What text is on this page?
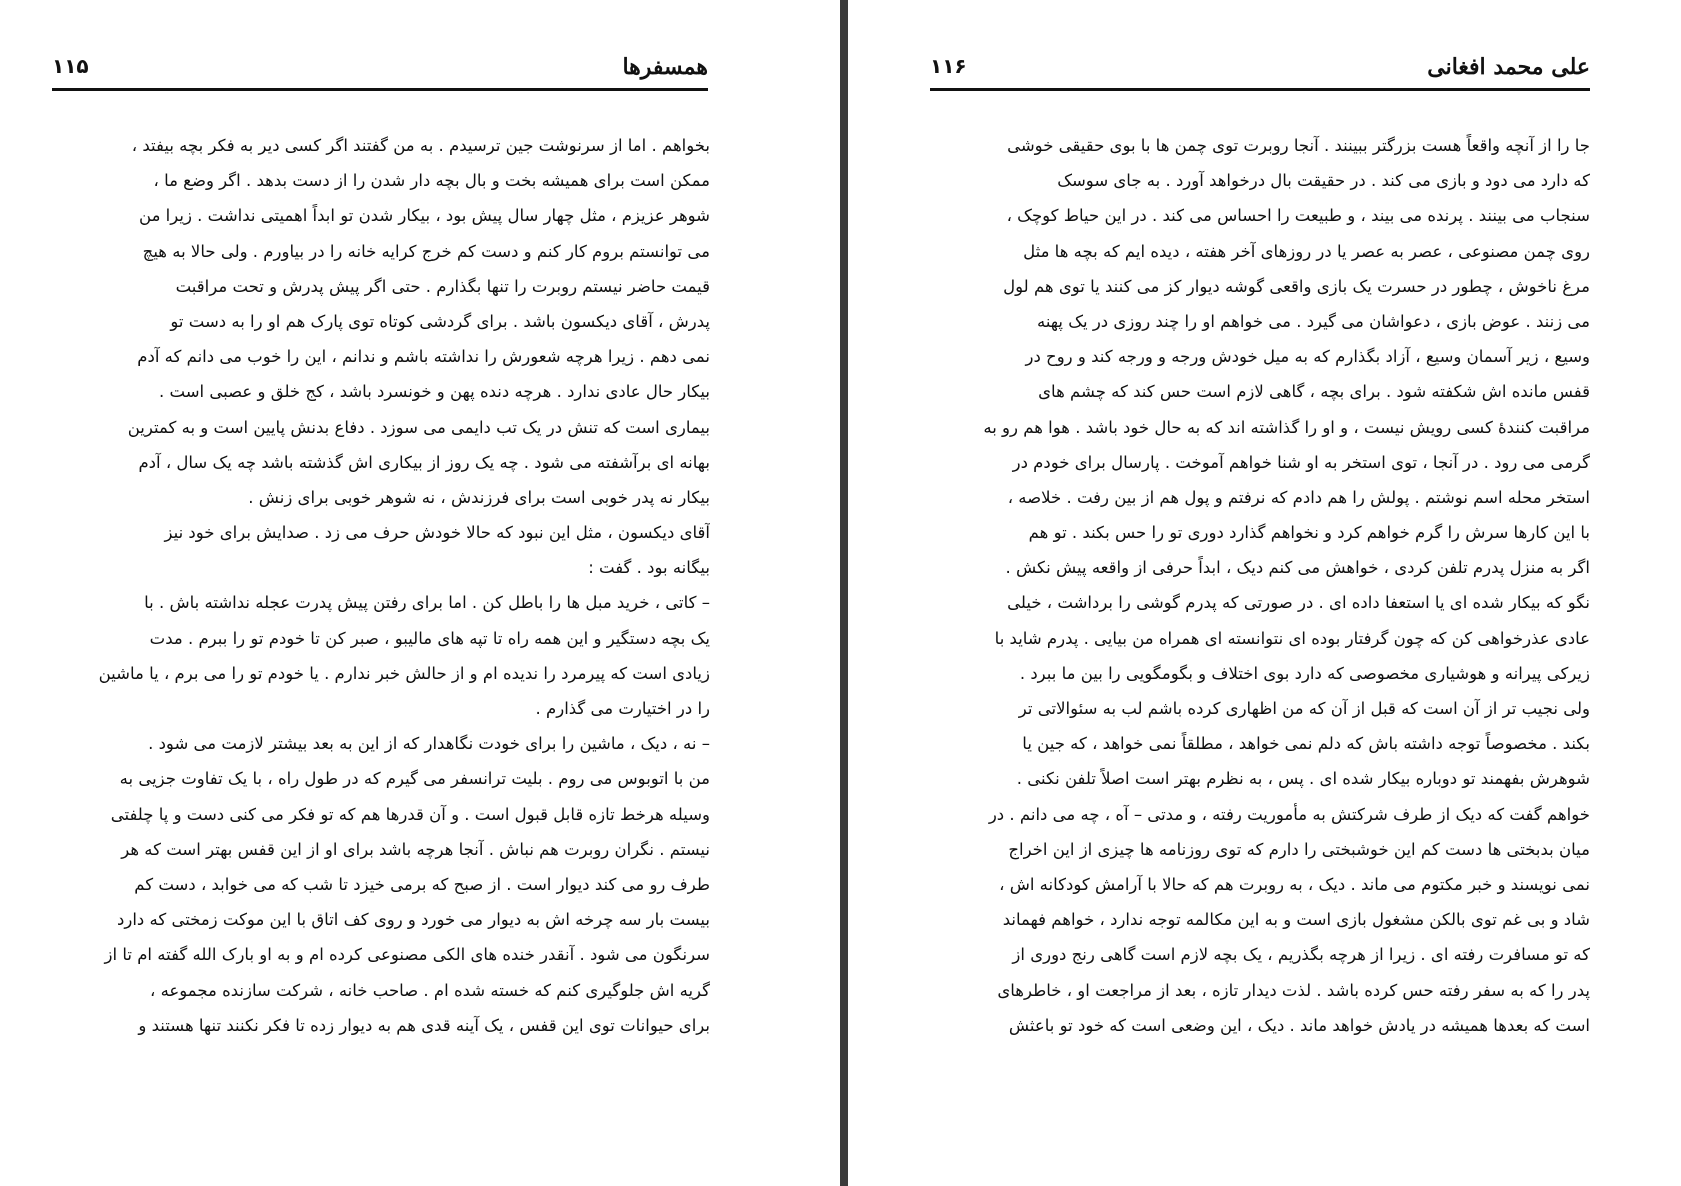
همسفرها
۱۱۵
بخواهم . اما از سرنوشت جین ترسیدم . به من گفتند اگر کسی دیر به فکر بچه بیفتد ،
ممکن است برای همیشه بخت و بال بچه دار شدن را از دست بدهد . اگر وضع ما ،
شوهر عزیزم ، مثل چهار سال پیش بود ، بیکار شدن تو ابداً اهمیتی نداشت . زیرا من
می توانستم بروم کار کنم و دست کم خرج کرایه خانه را در بیاورم . ولی حالا به هیچ
قیمت حاضر نیستم روبرت را تنها بگذارم . حتی اگر پیش پدرش و تحت مراقبت
پدرش ، آقای دیکسون باشد . برای گردشی کوتاه توی پارک هم او را به دست تو
نمی دهم . زیرا هرچه شعورش را نداشته باشم و ندانم ، این را خوب می دانم که آدم
بیکار حال عادی ندارد . هرچه دنده پهن و خونسرد باشد ، کج خلق و عصبی است .
بیماری است که تنش در یک تب دایمی می سوزد . دفاع بدنش پایین است و به کمترین
بهانه ای برآشفته می شود . چه یک روز از بیکاری اش گذشته باشد چه یک سال ، آدم
بیکار نه پدر خوبی است برای فرزندش ، نه شوهر خوبی برای زنش .
آقای دیکسون ، مثل این نبود که حالا خودش حرف می زد . صدایش برای خود نیز
بیگانه بود . گفت :
– کاتی ، خرید مبل ها را باطل کن . اما برای رفتن پیش پدرت عجله نداشته باش . با
یک بچه دستگیر و این همه راه تا تپه های مالیبو ، صبر کن تا خودم تو را ببرم . مدت
زیادی است که پیرمرد را ندیده ام و از حالش خبر ندارم . یا خودم تو را می برم ، یا ماشین
را در اختیارت می گذارم .
– نه ، دیک ، ماشین را برای خودت نگاهدار که از این به بعد بیشتر لازمت می شود .
من با اتوبوس می روم . بلیت ترانسفر می گیرم که در طول راه ، با یک تفاوت جزیی به
وسیله هرخط تازه قابل قبول است . و آن قدرها هم که تو فکر می کنی دست و پا چلفتی
نیستم . نگران روبرت هم نباش . آنجا هرچه باشد برای او از این قفس بهتر است که هر
طرف رو می کند دیوار است . از صبح که برمی خیزد تا شب که می خوابد ، دست کم
بیست بار سه چرخه اش به دیوار می خورد و روی کف اتاق با این موکت زمختی که دارد
سرنگون می شود . آنقدر خنده های الکی مصنوعی کرده ام و به او بارک الله گفته ام تا از
گریه اش جلوگیری کنم که خسته شده ام . صاحب خانه ، شرکت سازنده مجموعه ،
برای حیوانات توی این قفس ، یک آینه قدی هم به دیوار زده تا فکر نکنند تنها هستند و
علی محمد افغانی
۱۱۶
جا را از آنچه واقعاً هست بزرگتر ببینند . آنجا روبرت توی چمن ها با بوی حقیقی خوشی
که دارد می دود و بازی می کند . در حقیقت بال درخواهد آورد . به جای سوسک
سنجاب می بینند . پرنده می بیند ، و طبیعت را احساس می کند . در این حیاط کوچک ،
روی چمن مصنوعی ، عصر به عصر یا در روزهای آخر هفته ، دیده ایم که بچه ها مثل
مرغ ناخوش ، چطور در حسرت یک بازی واقعی گوشه دیوار کز می کنند یا توی هم لول
می زنند . عوض بازی ، دعواشان می گیرد . می خواهم او را چند روزی در یک پهنه
وسیع ، زیر آسمان وسیع ، آزاد بگذارم که به میل خودش ورجه و ورجه کند و روح در
قفس مانده اش شکفته شود . برای بچه ، گاهی لازم است حس کند که چشم های
مراقبت کنندهٔ کسی رویش نیست ، و او را گذاشته اند که به حال خود باشد . هوا هم رو به
گرمی می رود . در آنجا ، توی استخر به او شنا خواهم آموخت . پارسال برای خودم در
استخر محله اسم نوشتم . پولش را هم دادم که نرفتم و پول هم از بین رفت . خلاصه ،
با این کارها سرش را گرم خواهم کرد و نخواهم گذارد دوری تو را حس بکند . تو هم
اگر به منزل پدرم تلفن کردی ، خواهش می کنم دیک ، ابداً حرفی از واقعه پیش نکش .
نگو که بیکار شده ای یا استعفا داده ای . در صورتی که پدرم گوشی را برداشت ، خیلی
عادی عذرخواهی کن که چون گرفتار بوده ای نتوانسته ای همراه من بیایی . پدرم شاید با
زیرکی پیرانه و هوشیاری مخصوصی که دارد بوی اختلاف و بگومگویی را بین ما ببرد .
ولی نجیب تر از آن است که قبل از آن که من اظهاری کرده باشم لب به سئوالاتی تر
بکند . مخصوصاً توجه داشته باش که دلم نمی خواهد ، مطلقاً نمی خواهد ، که جین یا
شوهرش بفهمند تو دوباره بیکار شده ای . پس ، به نظرم بهتر است اصلاً تلفن نکنی .
خواهم گفت که دیک از طرف شرکتش به مأموریت رفته ، و مدتی – آه ، چه می دانم . در
میان بدبختی ها دست کم این خوشبختی را دارم که توی روزنامه ها چیزی از این اخراج
نمی نویسند و خبر مکتوم می ماند . دیک ، به روبرت هم که حالا با آرامش کودکانه اش ،
شاد و بی غم توی بالکن مشغول بازی است و به این مکالمه توجه ندارد ، خواهم فهماند
که تو مسافرت رفته ای . زیرا از هرچه بگذریم ، یک بچه لازم است گاهی رنج دوری از
پدر را که به سفر رفته حس کرده باشد . لذت دیدار تازه ، بعد از مراجعت او ، خاطرهای
است که بعدها همیشه در یادش خواهد ماند . دیک ، این وضعی است که خود تو باعثش
